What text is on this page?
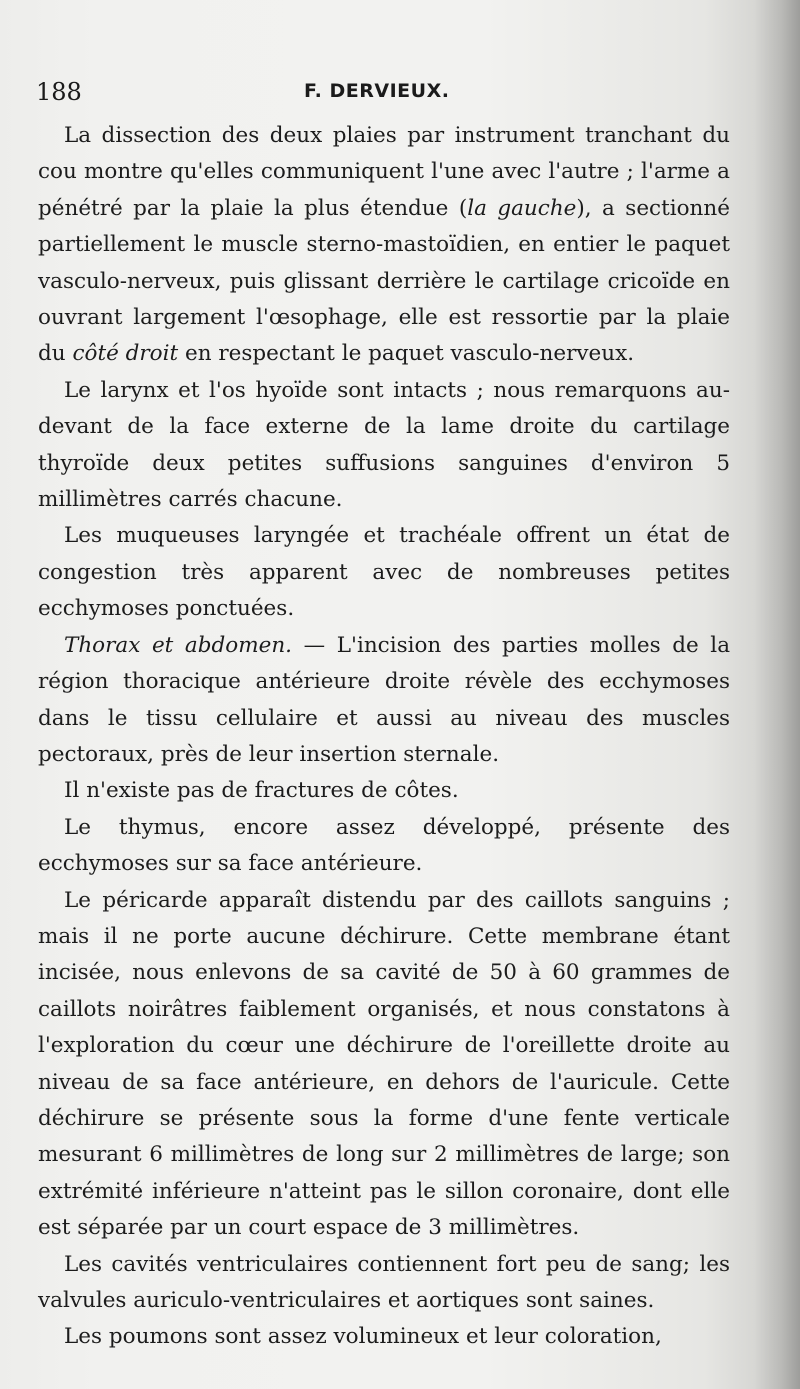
188	F. DERVIEUX.

La dissection des deux plaies par instrument tranchant du cou montre qu'elles communiquent l'une avec l'autre ; l'arme a pénétré par la plaie la plus étendue (la gauche), a sectionné partiellement le muscle sterno-mastoïdien, en entier le paquet vasculo-nerveux, puis glissant derrière le cartilage cricoïde en ouvrant largement l'œsophage, elle est ressortie par la plaie du côté droit en respectant le paquet vasculo-nerveux.

Le larynx et l'os hyoïde sont intacts ; nous remarquons au-devant de la face externe de la lame droite du cartilage thyroïde deux petites suffusions sanguines d'environ 5 millimètres carrés chacune.

Les muqueuses laryngée et trachéale offrent un état de congestion très apparent avec de nombreuses petites ecchymoses ponctuées.

Thorax et abdomen. — L'incision des parties molles de la région thoracique antérieure droite révèle des ecchymoses dans le tissu cellulaire et aussi au niveau des muscles pectoraux, près de leur insertion sternale.

Il n'existe pas de fractures de côtes.

Le thymus, encore assez développé, présente des ecchymoses sur sa face antérieure.

Le péricarde apparaît distendu par des caillots sanguins ; mais il ne porte aucune déchirure. Cette membrane étant incisée, nous enlevons de sa cavité de 50 à 60 grammes de caillots noirâtres faiblement organisés, et nous constatons à l'exploration du cœur une déchirure de l'oreillette droite au niveau de sa face antérieure, en dehors de l'auricule. Cette déchirure se présente sous la forme d'une fente verticale mesurant 6 millimètres de long sur 2 millimètres de large; son extrémité inférieure n'atteint pas le sillon coronaire, dont elle est séparée par un court espace de 3 millimètres.

Les cavités ventriculaires contiennent fort peu de sang; les valvules auriculo-ventriculaires et aortiques sont saines.

Les poumons sont assez volumineux et leur coloration,
